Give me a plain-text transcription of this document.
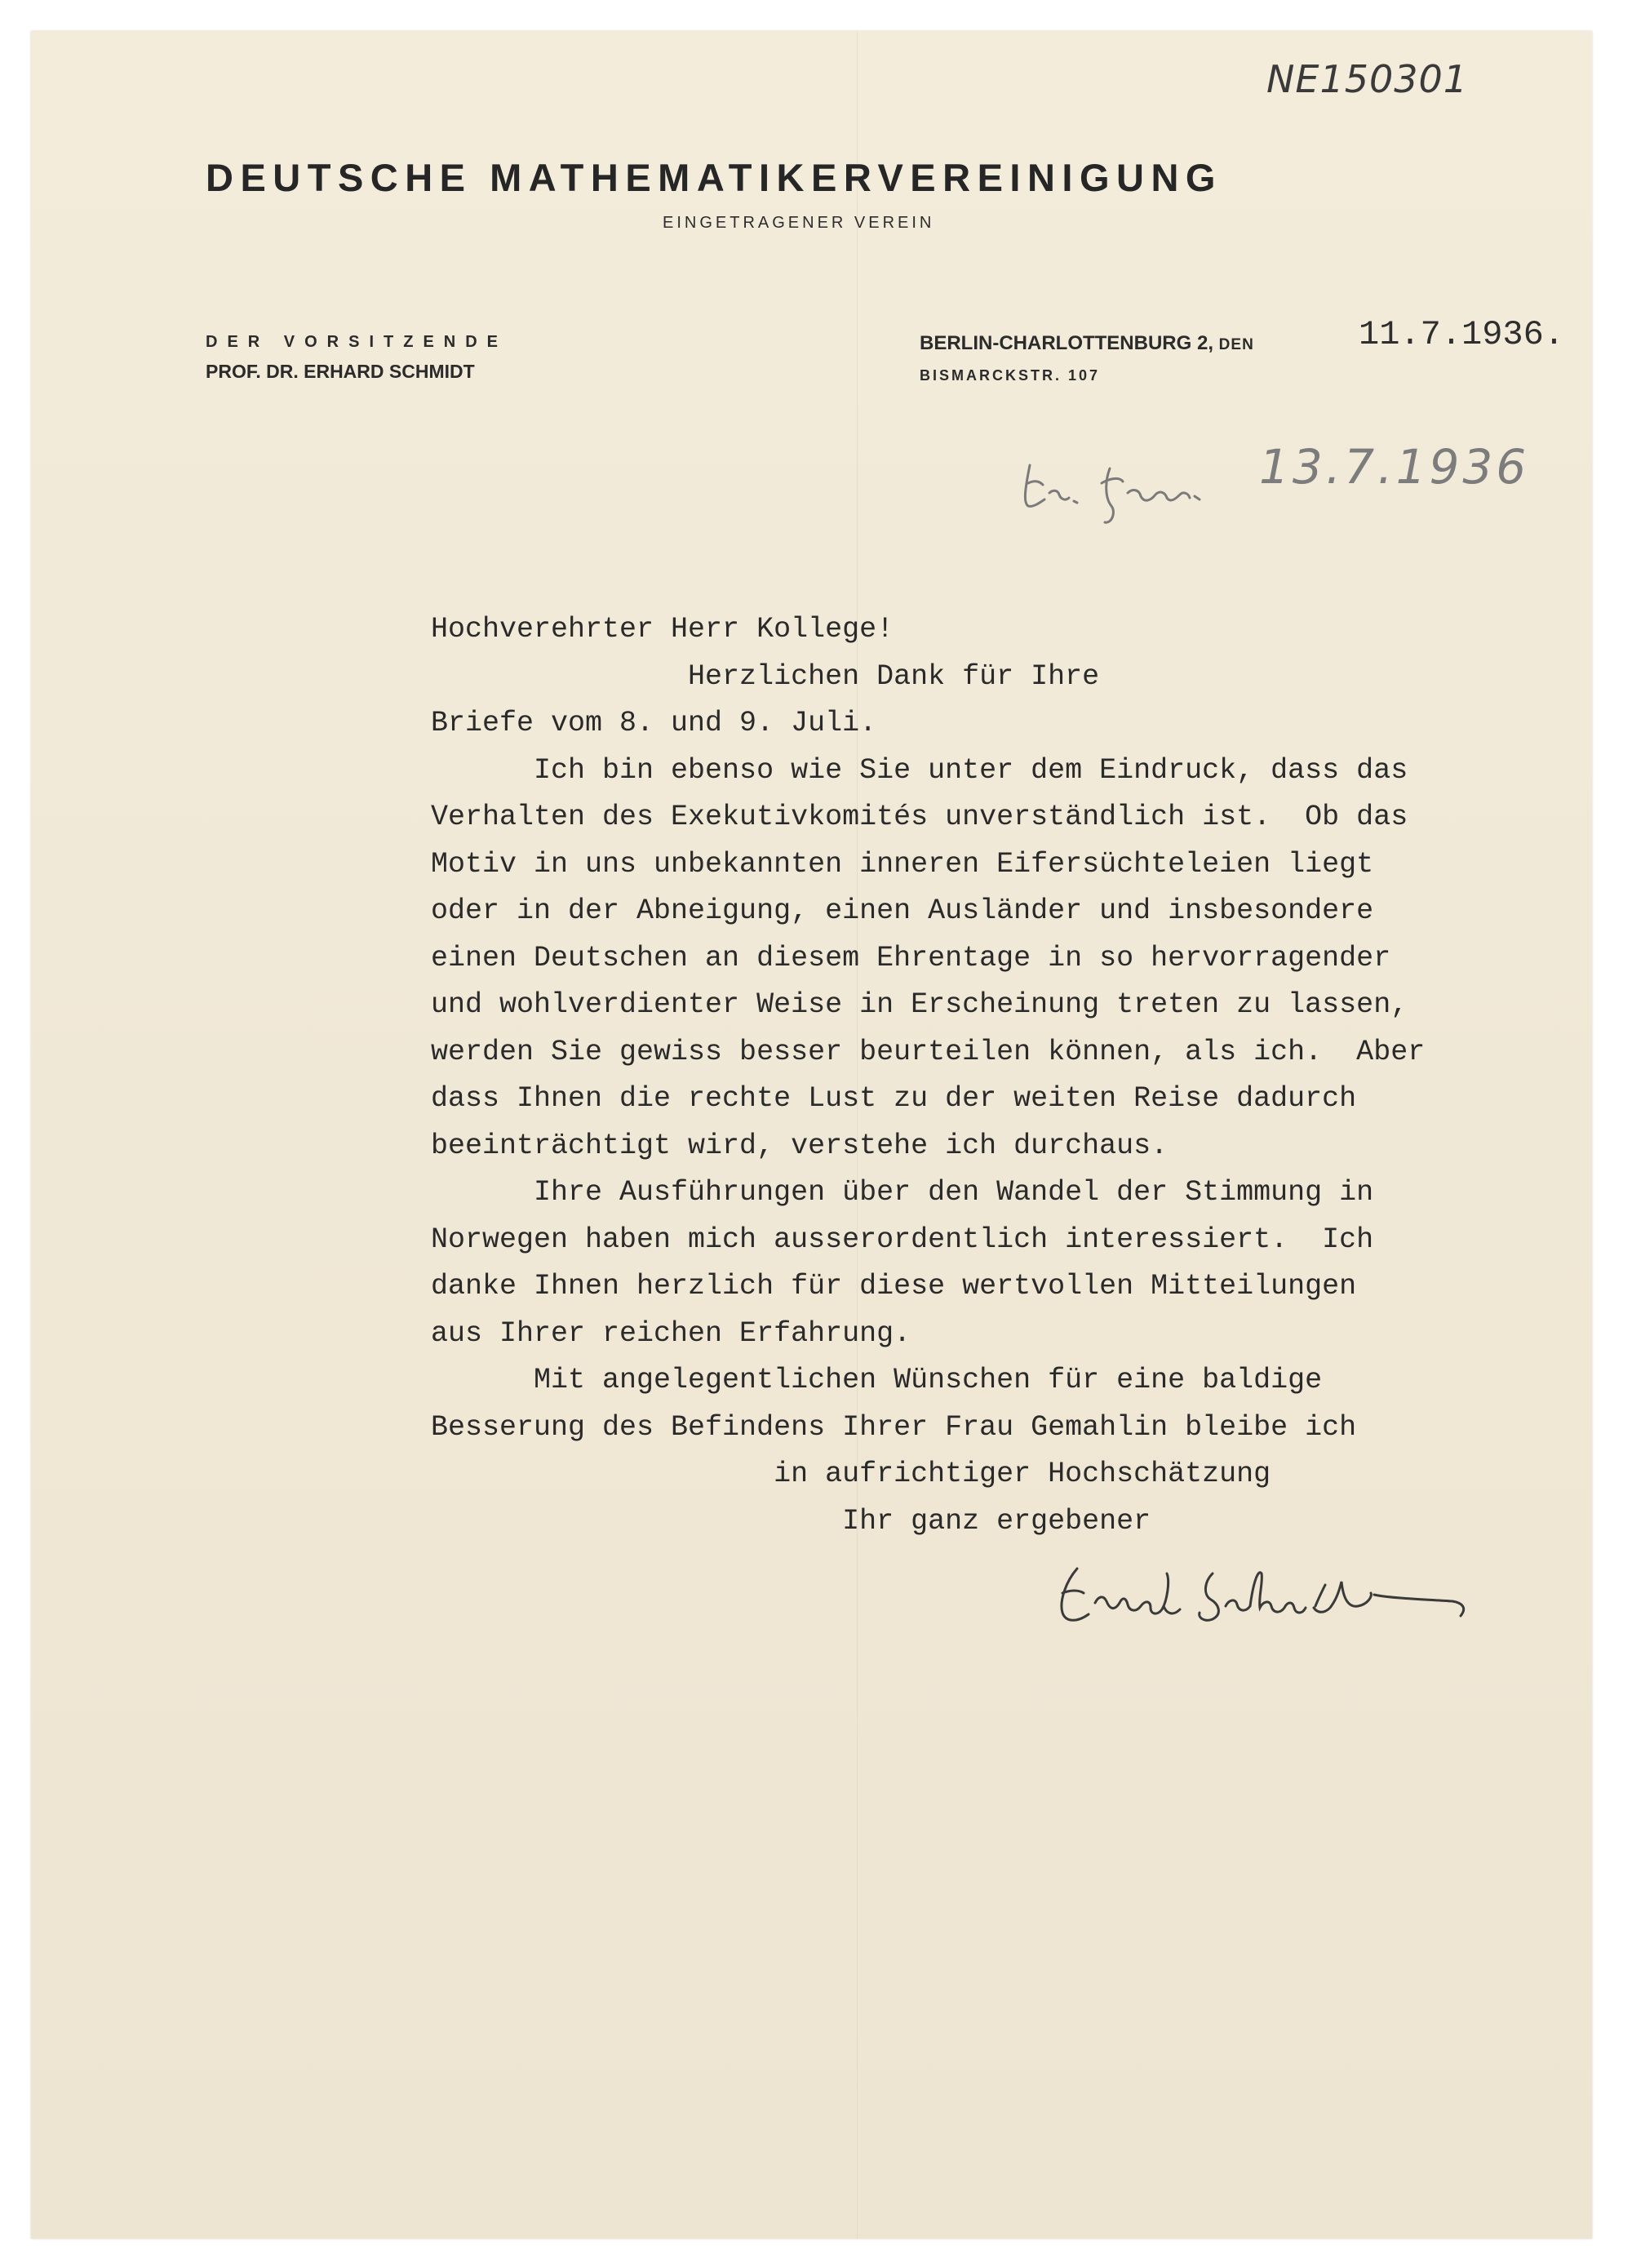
NE150301
DEUTSCHE MATHEMATIKERVEREINIGUNG
EINGETRAGENER VEREIN
DER VORSITZENDE
PROF. DR. ERHARD SCHMIDT
BERLIN-CHARLOTTENBURG 2, DEN
BISMARCKSTR. 107
11.7.1936.
13.7.1936
Hochverehrter Herr Kollege!
Herzlichen Dank für Ihre
Briefe vom 8. und 9. Juli.
Ich bin ebenso wie Sie unter dem Eindruck, dass das
Verhalten des Exekutivkomités unverständlich ist.  Ob das
Motiv in uns unbekannten inneren Eifersüchteleien liegt
oder in der Abneigung, einen Ausländer und insbesondere
einen Deutschen an diesem Ehrentage in so hervorragender
und wohlverdienter Weise in Erscheinung treten zu lassen,
werden Sie gewiss besser beurteilen können, als ich.  Aber
dass Ihnen die rechte Lust zu der weiten Reise dadurch
beeinträchtigt wird, verstehe ich durchaus.
Ihre Ausführungen über den Wandel der Stimmung in
Norwegen haben mich ausserordentlich interessiert.  Ich
danke Ihnen herzlich für diese wertvollen Mitteilungen
aus Ihrer reichen Erfahrung.
Mit angelegentlichen Wünschen für eine baldige
Besserung des Befindens Ihrer Frau Gemahlin bleibe ich
in aufrichtiger Hochschätzung
Ihr ganz ergebener
